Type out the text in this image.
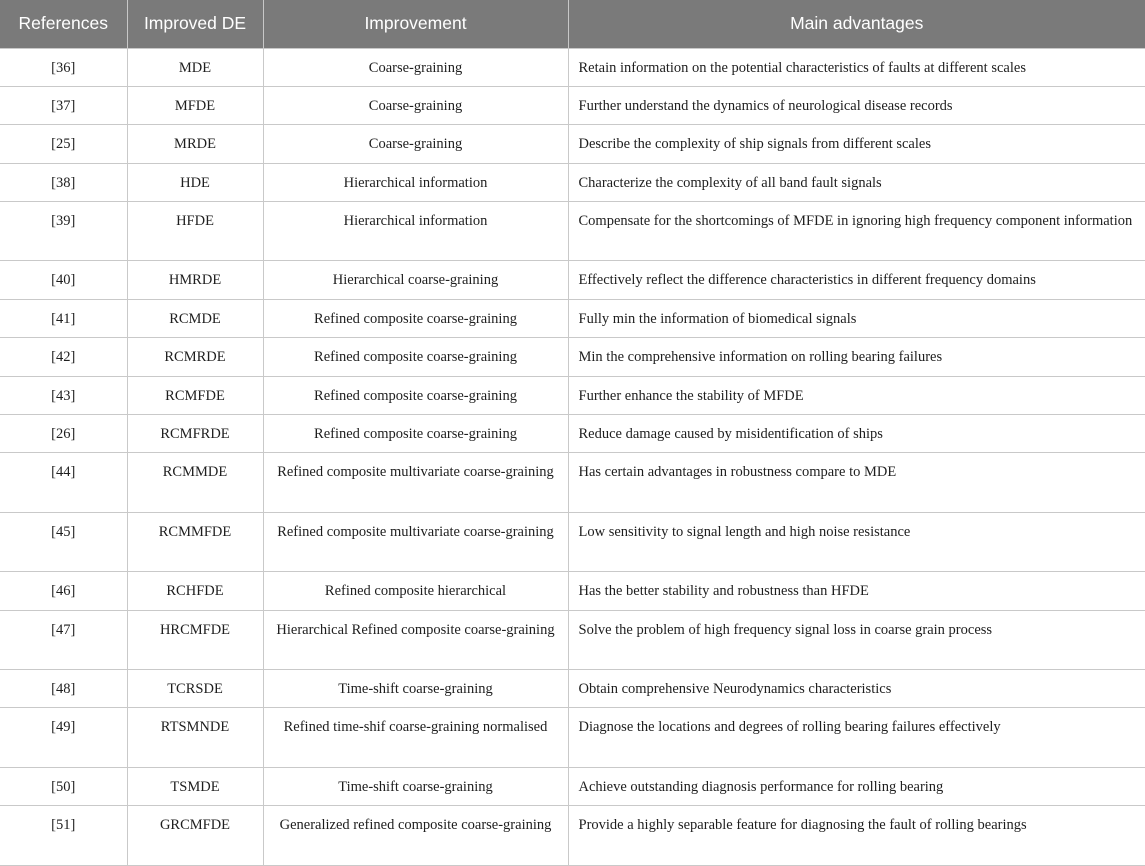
References	Improved DE	Improvement	Main advantages
[36]	MDE	Coarse-graining	Retain information on the potential characteristics of faults at different scales
[37]	MFDE	Coarse-graining	Further understand the dynamics of neurological disease records
[25]	MRDE	Coarse-graining	Describe the complexity of ship signals from different scales
[38]	HDE	Hierarchical information	Characterize the complexity of all band fault signals
[39]	HFDE	Hierarchical information	Compensate for the shortcomings of MFDE in ignoring high frequency component information
[40]	HMRDE	Hierarchical coarse-graining	Effectively reflect the difference characteristics in different frequency domains
[41]	RCMDE	Refined composite coarse-graining	Fully min the information of biomedical signals
[42]	RCMRDE	Refined composite coarse-graining	Min the comprehensive information on rolling bearing failures
[43]	RCMFDE	Refined composite coarse-graining	Further enhance the stability of MFDE
[26]	RCMFRDE	Refined composite coarse-graining	Reduce damage caused by misidentification of ships
[44]	RCMMDE	Refined composite multivariate coarse-graining	Has certain advantages in robustness compare to MDE
[45]	RCMMFDE	Refined composite multivariate coarse-graining	Low sensitivity to signal length and high noise resistance
[46]	RCHFDE	Refined composite hierarchical	Has the better stability and robustness than HFDE
[47]	HRCMFDE	Hierarchical Refined composite coarse-graining	Solve the problem of high frequency signal loss in coarse grain process
[48]	TCRSDE	Time-shift coarse-graining	Obtain comprehensive Neurodynamics characteristics
[49]	RTSMNDE	Refined time-shif coarse-graining normalised	Diagnose the locations and degrees of rolling bearing failures effectively
[50]	TSMDE	Time-shift coarse-graining	Achieve outstanding diagnosis performance for rolling bearing
[51]	GRCMFDE	Generalized refined composite coarse-graining	Provide a highly separable feature for diagnosing the fault of rolling bearings
